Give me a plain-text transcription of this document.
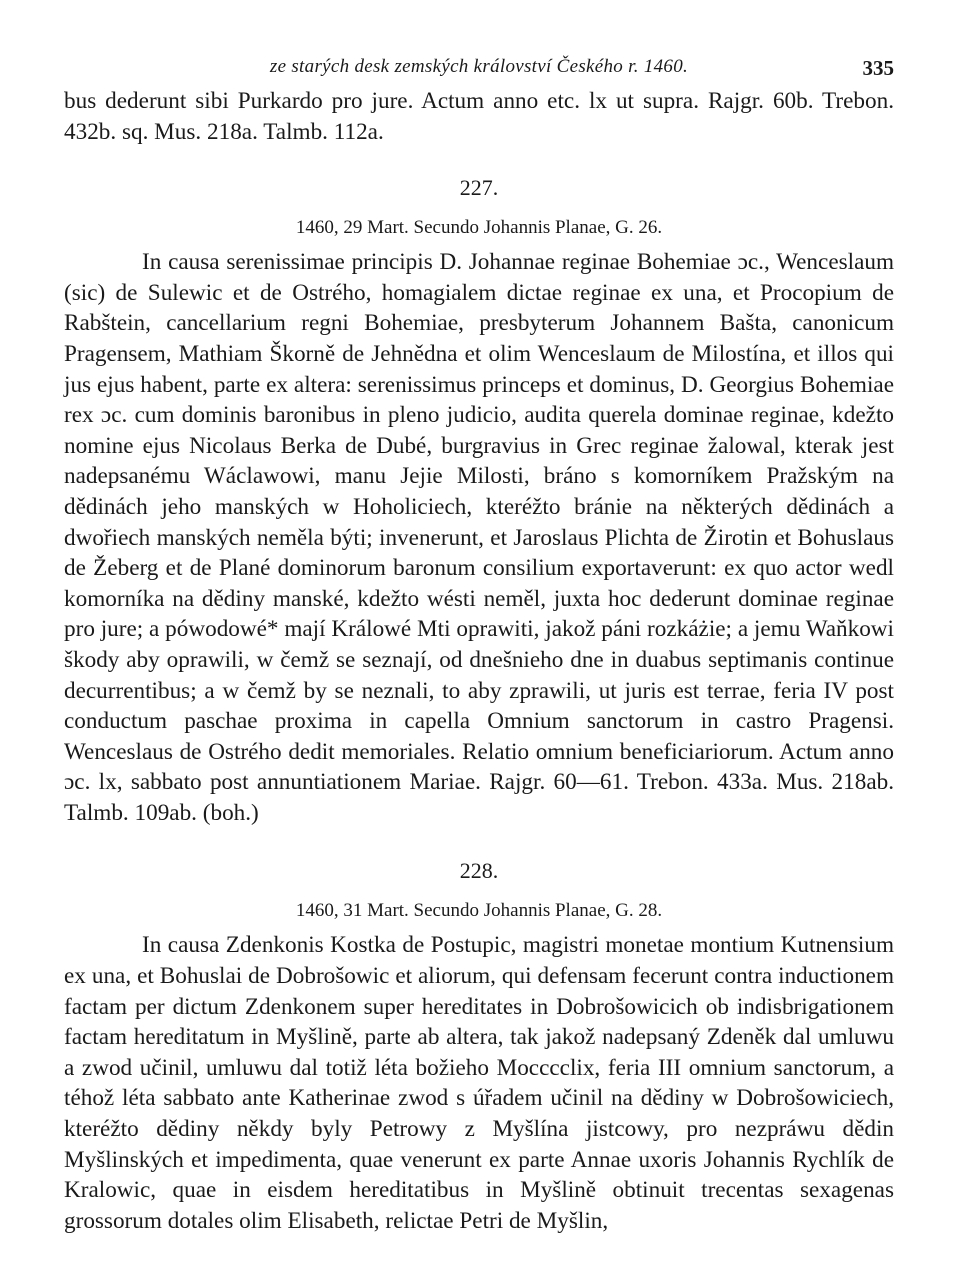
ze starých desk zemských království Českého r. 1460.	335

bus dederunt sibi Purkardo pro jure. Actum anno etc. lx ut supra. Rajgr. 60b. Trebon. 432b. sq. Mus. 218a. Talmb. 112a.

227.

1460, 29 Mart. Secundo Johannis Planae, G. 26.

In causa serenissimae principis D. Johannae reginae Bohemiae ɔc., Wenceslaum (sic) de Sulewic et de Ostrého, homagialem dictae reginae ex una, et Procopium de Rabštein, cancellarium regni Bohemiae, presbyterum Johannem Bašta, canonicum Pragensem, Mathiam Škorně de Jehnědna et olim Wenceslaum de Milostína, et illos qui jus ejus habent, parte ex altera: serenissimus princeps et dominus, D. Georgius Bohemiae rex ɔc. cum dominis baronibus in pleno judicio, audita querela dominae reginae, kdežto nomine ejus Nicolaus Berka de Dubé, burgravius in Grec reginae žalowal, kterak jest nadepsanému Wáclawowi, manu Jejie Milosti, bráno s komorníkem Pražským na dědinách jeho manských w Hoholiciech, kteréžto bránie na některých dědinách a dwořiech manských neměla býti; invenerunt, et Jaroslaus Plichta de Žirotin et Bohuslaus de Žeberg et de Plané dominorum baronum consilium exportaverunt: ex quo actor wedl komorníka na dědiny manské, kdežto wésti neměl, juxta hoc dederunt dominae reginae pro jure; a pówodowé* mají Králowé Mti oprawiti, jakož páni rozkáżie; a jemu Waňkowi škody aby oprawili, w čemž se seznají, od dnešnieho dne in duabus septimanis continue decurrentibus; a w čemž by se neznali, to aby zprawili, ut juris est terrae, feria IV post conductum paschae proxima in capella Omnium sanctorum in castro Pragensi. Wenceslaus de Ostrého dedit memoriales. Relatio omnium beneficiariorum. Actum anno ɔc. lx, sabbato post annuntiationem Mariae. Rajgr. 60—61. Trebon. 433a. Mus. 218ab. Talmb. 109ab. (boh.)

228.

1460, 31 Mart. Secundo Johannis Planae, G. 28.

In causa Zdenkonis Kostka de Postupic, magistri monetae montium Kutnensium ex una, et Bohuslai de Dobrošowic et aliorum, qui defensam fecerunt contra inductionem factam per dictum Zdenkonem super hereditates in Dobrošowicich ob indisbrigationem factam hereditatum in Myšlině, parte ab altera, tak jakož nadepsaný Zdeněk dal umluwu a zwod učinil, umluwu dal totiž léta božieho Mocccclix, feria III omnium sanctorum, a téhož léta sabbato ante Katherinae zwod s úřadem učinil na dědiny w Dobrošowiciech, kteréžto dědiny někdy byly Petrowy z Myšlína jistcowy, pro nezpráwu dědin Myšlinských et impedimenta, quae venerunt ex parte Annae uxoris Johannis Rychlík de Kralowic, quae in eisdem hereditatibus in Myšlině obtinuit trecentas sexagenas grossorum dotales olim Elisabeth, relictae Petri de Myšlin,
